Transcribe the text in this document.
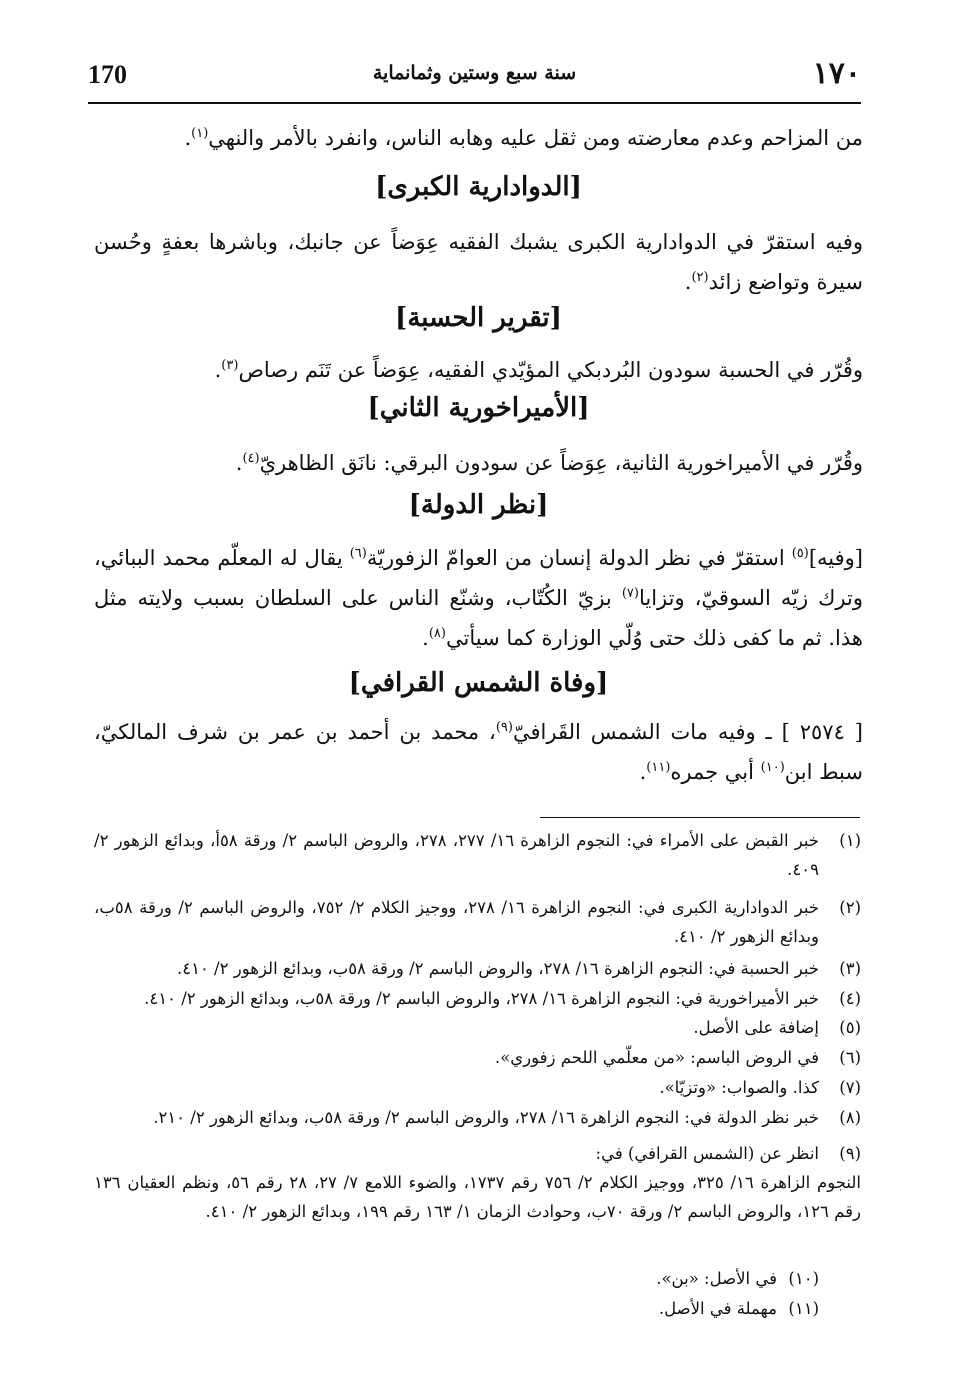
170	سنة سبع وستين وثمانماية	١٧٠
من المزاحم وعدم معارضته ومن ثقل عليه وهابه الناس، وانفرد بالأمر والنهي$^{(١)}$.
[الدوادارية الكبرى]
وفيه استقرّ في الدوادارية الكبرى يشبك الفقيه عِوَضاً عن جانبك، وباشرها بعفةٍ وحُسن سيرة وتواضع زائد$^{(٢)}$.
[تقرير الحسبة]
وقُرّر في الحسبة سودون البُردبكي المؤيّدي الفقيه، عِوَضاً عن تَنَم رصاص$^{(٣)}$.
[الأميراخورية الثاني]
وقُرّر في الأميراخورية الثانية، عِوَضاً عن سودون البرقي: نانَق الظاهريّ$^{(٤)}$.
[نظر الدولة]
[وفيه]$^{(٥)}$ استقرّ في نظر الدولة إنسان من العوامّ الزفوريّة$^{(٦)}$ يقال له المعلّم محمد الببائي، وترك زيّه السوقيّ، وتزايا$^{(٧)}$ بزيّ الكُتّاب، وشنّع الناس على السلطان بسبب ولايته مثل هذا. ثم ما كفى ذلك حتى وُلّي الوزارة كما سيأتي$^{(٨)}$.
[وفاة الشمس القرافي]
[ ٢٥٧٤ ] ـ وفيه مات الشمس القَرافيّ$^{(٩)}$، محمد بن أحمد بن عمر بن شرف المالكيّ، سبط ابن$^{(١٠)}$ أبي جمره$^{(١١)}$.
(١)
خبر القبض على الأمراء في: النجوم الزاهرة ١٦/ ٢٧٧، ٢٧٨، والروض الباسم ٢/ ورقة ٥٨أ، وبدائع الزهور ٢/ ٤٠٩.
(٢)
خبر الدوادارية الكبرى في: النجوم الزاهرة ١٦/ ٢٧٨، ووجيز الكلام ٢/ ٧٥٢، والروض الباسم ٢/ ورقة ٥٨ب، وبدائع الزهور ٢/ ٤١٠.
(٣)
خبر الحسبة في: النجوم الزاهرة ١٦/ ٢٧٨، والروض الباسم ٢/ ورقة ٥٨ب، وبدائع الزهور ٢/ ٤١٠.
(٤)
خبر الأميراخورية في: النجوم الزاهرة ١٦/ ٢٧٨، والروض الباسم ٢/ ورقة ٥٨ب، وبدائع الزهور ٢/ ٤١٠.
(٥)
إضافة على الأصل.
(٦)
في الروض الباسم: «من معلّمي اللحم زفوري».
(٧)
كذا. والصواب: «وتزيّا».
(٨)
خبر نظر الدولة في: النجوم الزاهرة ١٦/ ٢٧٨، والروض الباسم ٢/ ورقة ٥٨ب، وبدائع الزهور ٢/ ٢١٠.
(٩)
انظر عن (الشمس القرافي) في:
النجوم الزاهرة ١٦/ ٣٢٥، ووجيز الكلام ٢/ ٧٥٦ رقم ١٧٣٧، والضوء اللامع ٧/ ٢٧، ٢٨ رقم ٥٦، ونظم العقيان ١٣٦ رقم ١٢٦، والروض الباسم ٢/ ورقة ٧٠ب، وحوادث الزمان ١/ ١٦٣ رقم ١٩٩، وبدائع الزهور ٢/ ٤١٠.
(١٠)
في الأصل: «بن».
(١١)
مهملة في الأصل.
